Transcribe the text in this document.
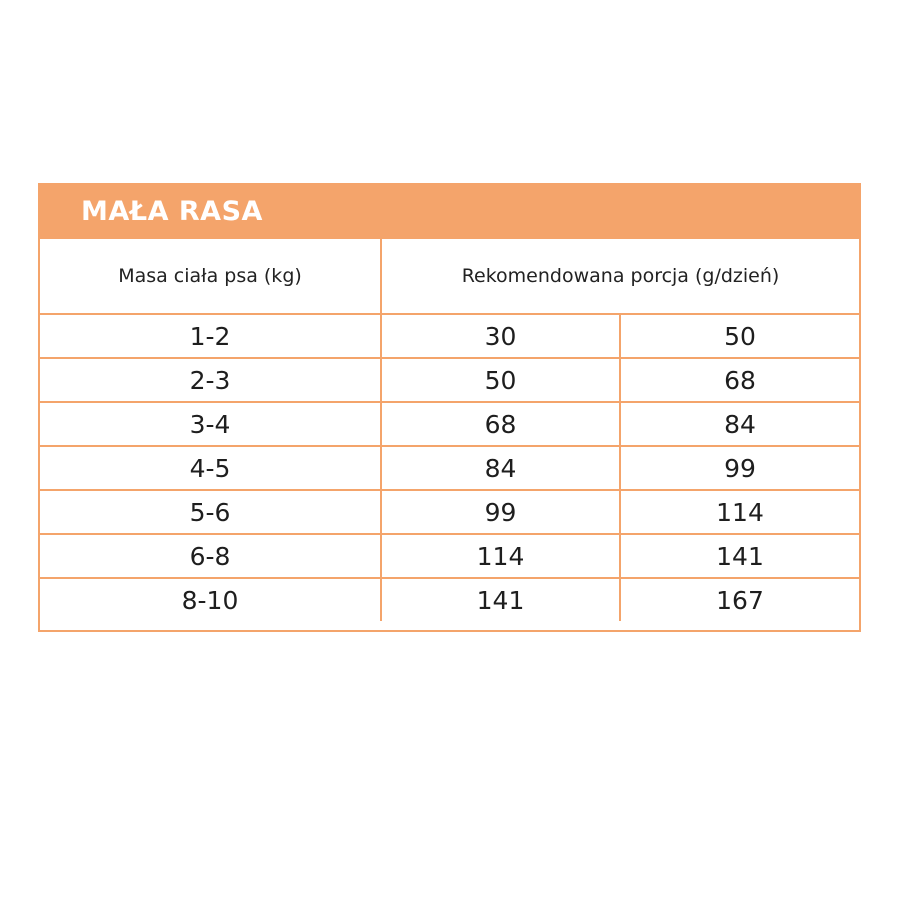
MAŁA RASA
Masa ciała psa (kg)	Rekomendowana porcja (g/dzień)	
1-2	30	50
2-3	50	68
3-4	68	84
4-5	84	99
5-6	99	114
6-8	114	141
8-10	141	167
